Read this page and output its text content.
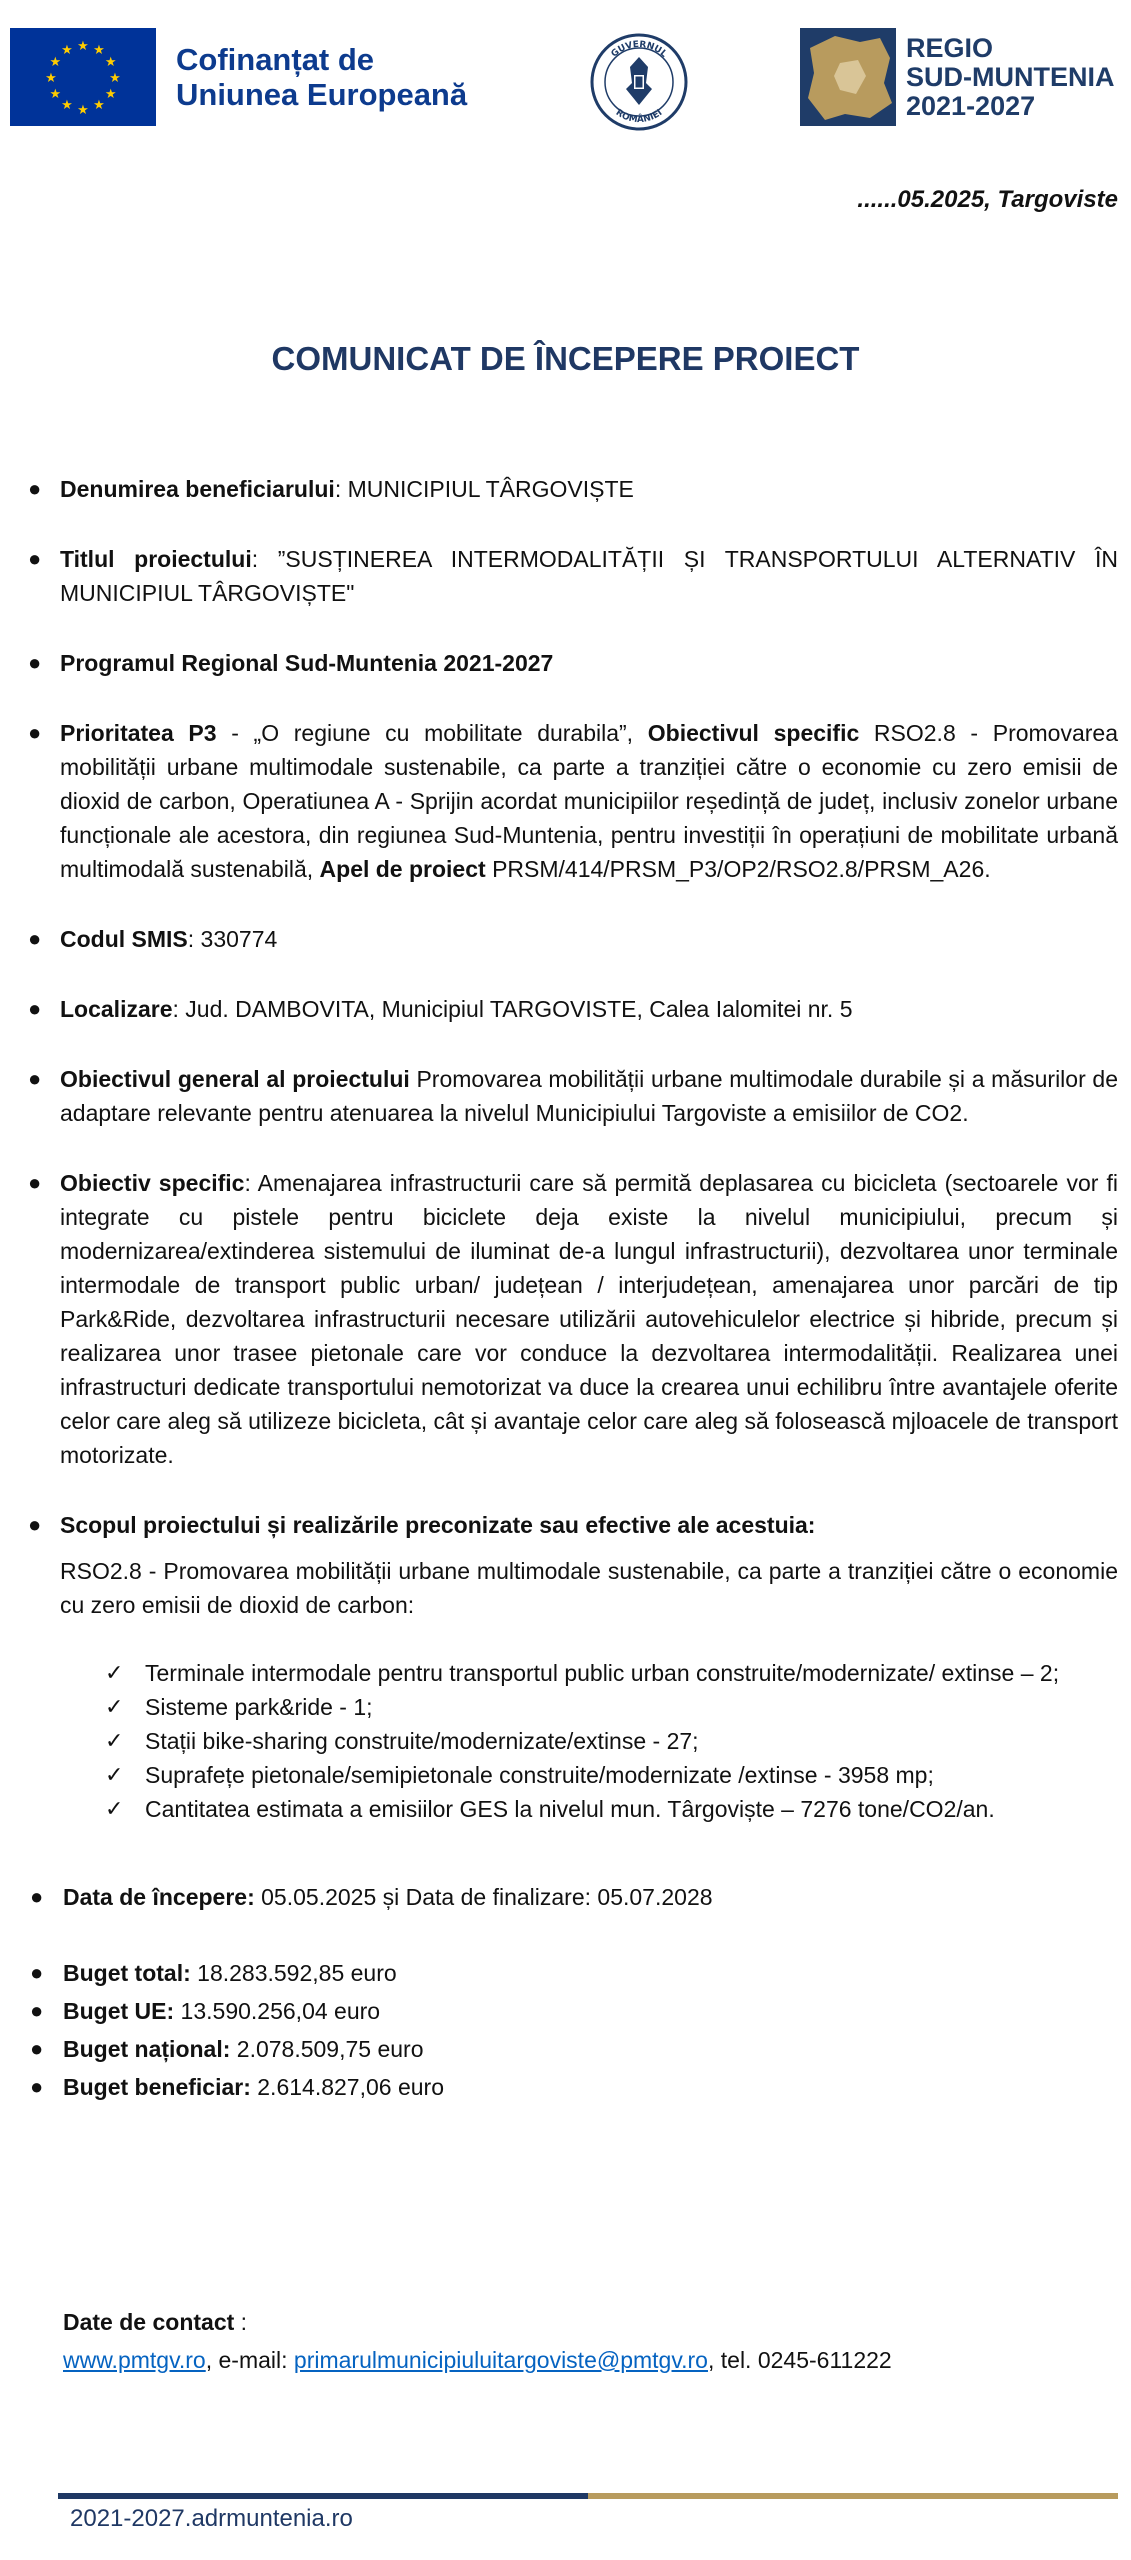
★ ★
★
★
★
★
★
★
★
★
★
★	Cofinanțat de
Uniunea Europeană
GUVERNUL
ROMÂNIEI
REGIO
SUD-MUNTENIA
2021-2027
......05.2025, Targoviste
COMUNICAT DE ÎNCEPERE PROIECT
● Denumirea beneficiarului: MUNICIPIUL TÂRGOVIȘTE
● Titlul proiectului: ”SUSȚINEREA INTERMODALITĂȚII ȘI TRANSPORTULUI ALTERNATIV ÎN MUNICIPIUL TÂRGOVIȘTE"
● Programul Regional Sud-Muntenia 2021-2027
● Prioritatea P3 - „O regiune cu mobilitate durabila”, Obiectivul specific RSO2.8 - Promovarea mobilității urbane multimodale sustenabile, ca parte a tranziției către o economie cu zero emisii de dioxid de carbon, Operatiunea A - Sprijin acordat municipiilor reședință de județ, inclusiv zonelor urbane funcționale ale acestora, din regiunea Sud-Muntenia, pentru investiții în operațiuni de mobilitate urbană multimodală sustenabilă, Apel de proiect PRSM/414/PRSM_P3/OP2/RSO2.8/PRSM_A26.
● Codul SMIS: 330774
● Localizare: Jud. DAMBOVITA, Municipiul TARGOVISTE, Calea Ialomitei nr. 5
● Obiectivul general al proiectului Promovarea mobilității urbane multimodale durabile și a măsurilor de adaptare relevante pentru atenuarea la nivelul Municipiului Targoviste a emisiilor de CO2.
● Obiectiv specific: Amenajarea infrastructurii care să permită deplasarea cu bicicleta (sectoarele vor fi integrate cu pistele pentru biciclete deja existe la nivelul municipiului, precum și modernizarea/extinderea sistemului de iluminat de-a lungul infrastructurii), dezvoltarea unor terminale intermodale de transport public urban/ județean / interjudețean, amenajarea unor parcări de tip Park&Ride, dezvoltarea infrastructurii necesare utilizării autovehiculelor electrice și hibride, precum și realizarea unor trasee pietonale care vor conduce la dezvoltarea intermodalității. Realizarea unei infrastructuri dedicate transportului nemotorizat va duce la crearea unui echilibru între avantajele oferite celor care aleg să utilizeze bicicleta, cât și avantaje celor care aleg să folosească mjloacele de transport motorizate.
● Scopul proiectului și realizările preconizate sau efective ale acestuia:
RSO2.8 - Promovarea mobilității urbane multimodale sustenabile, ca parte a tranziției către o economie cu zero emisii de dioxid de carbon:
✓ Terminale intermodale pentru transportul public urban construite/modernizate/ extinse – 2;
✓ Sisteme park&ride ‐ 1;
✓ Stații bike-sharing construite/modernizate/extinse ‐ 27;
✓ Suprafețe pietonale/semipietonale construite/modernizate /extinse ‐ 3958 mp;
✓ Cantitatea estimata a emisiilor GES la nivelul mun. Târgoviște – 7276 tone/CO2/an.
● Data de începere: 05.05.2025 și Data de finalizare: 05.07.2028
● Buget total: 18.283.592,85 euro
● Buget UE: 13.590.256,04 euro
● Buget național: 2.078.509,75 euro
● Buget beneficiar: 2.614.827,06 euro
Date de contact :
www.pmtgv.ro, e-mail: primarulmunicipiuluitargoviste@pmtgv.ro, tel. 0245-611222
2021-2027.adrmuntenia.ro
